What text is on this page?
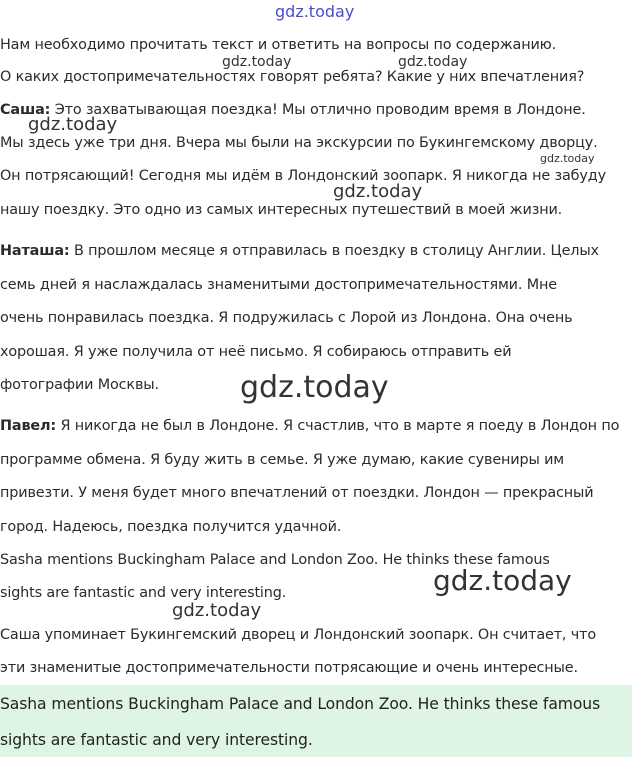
Нам необходимо прочитать текст и ответить на вопросы по содержанию.
О каких достопримечательностях говорят ребята? Какие у них впечатления?
Саша: Это захватывающая поездка! Мы отлично проводим время в Лондоне.
Мы здесь уже три дня. Вчера мы были на экскурсии по Букингемскому дворцу.
Он потрясающий! Сегодня мы идём в Лондонский зоопарк. Я никогда не забуду
нашу поездку. Это одно из самых интересных путешествий в моей жизни.
Наташа: В прошлом месяце я отправилась в поездку в столицу Англии. Целых
семь дней я наслаждалась знаменитыми достопримечательностями. Мне
очень понравилась поездка. Я подружилась с Лорой из Лондона. Она очень
хорошая. Я уже получила от неё письмо. Я собираюсь отправить ей
фотографии Москвы.
Павел: Я никогда не был в Лондоне. Я счастлив, что в марте я поеду в Лондон по
программе обмена. Я буду жить в семье. Я уже думаю, какие сувениры им
привезти. У меня будет много впечатлений от поездки. Лондон — прекрасный
город. Надеюсь, поездка получится удачной.
Sasha mentions Buckingham Palace and London Zoo. He thinks these famous
sights are fantastic and very interesting.
Саша упоминает Букингемский дворец и Лондонский зоопарк. Он считает, что
эти знаменитые достопримечательности потрясающие и очень интересные.
Sasha mentions Buckingham Palace and London Zoo. He thinks these famous
sights are fantastic and very interesting.
gdz.today
gdz.today	gdz.today
gdz.today
gdz.today
gdz.today
gdz.today
gdz.today
gdz.today
